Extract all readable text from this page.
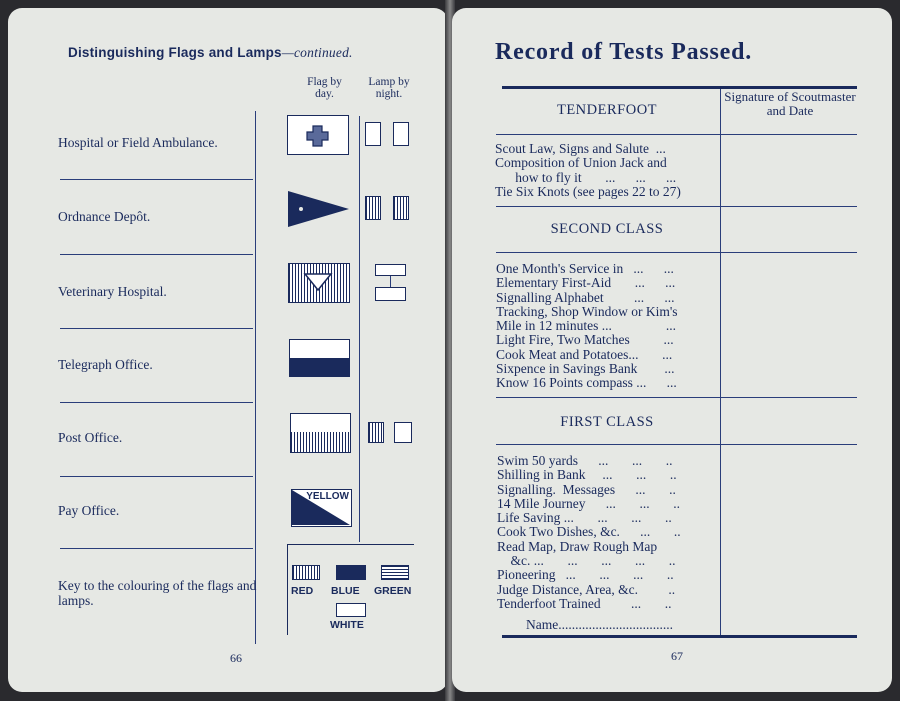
Distinguishing Flags and Lamps—continued.
Flag by day.
Lamp by night.
Hospital or Field Ambulance.
Ordnance Depôt.
Veterinary Hospital.
Telegraph Office.
Post Office.
Pay Office.
Key to the colouring of the flags and lamps.
YELLOW
RED BLUE GREEN
WHITE
66
Record of Tests Passed.
Signature of Scoutmaster and Date
TENDERFOOT
Scout Law, Signs and Salute  ...
Composition of Union Jack and
how to fly it       ...      ...      ...
Tie Six Knots (see pages 22 to 27)
SECOND CLASS
One Month's Service in   ...      ...
Elementary First-Aid       ...      ...
Signalling Alphabet         ...      ...
Tracking, Shop Window or Kim's
Mile in 12 minutes ...                ...
Light Fire, Two Matches          ...
Cook Meat and Potatoes...       ...
Sixpence in Savings Bank        ...
Know 16 Points compass ...      ...
FIRST CLASS
Swim 50 yards      ...       ...       ..
Shilling in Bank     ...       ...       ..
Signalling.  Messages      ...       ..
14 Mile Journey      ...       ...       ..
Life Saving ...       ...       ...       ..
Cook Two Dishes, &c.      ...       ..
Read Map, Draw Rough Map
&c. ...       ...       ...       ...       ..
Pioneering   ...       ...       ...       ..
Judge Distance, Area, &c.         ..
Tenderfoot Trained         ...       ..
Name..................................
67
